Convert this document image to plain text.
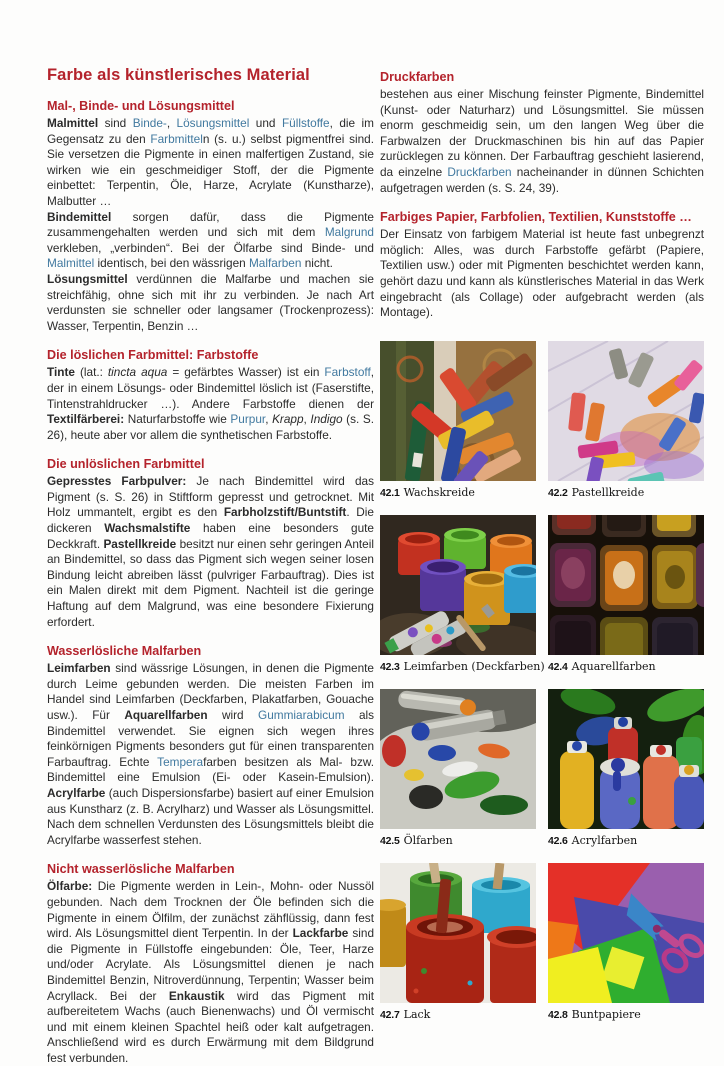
Farbe als künstlerisches Material
Mal-, Binde- und Lösungsmittel

Malmittel sind Binde-, Lösungsmittel und Füllstoffe, die im Gegensatz zu den Farbmitteln (s. u.) selbst pigmentfrei sind. Sie versetzen die Pigmente in einen malfertigen Zustand, sie wirken wie ein geschmeidiger Stoff, der die Pigmente einbettet: Terpentin, Öle, Harze, Acrylate (Kunstharze), Malbutter …

Bindemittel sorgen dafür, dass die Pigmente zusammengehalten werden und sich mit dem Malgrund verkleben, „verbinden“. Bei der Ölfarbe sind Binde- und Malmittel identisch, bei den wässrigen Malfarben nicht.

Lösungsmittel verdünnen die Malfarbe und machen sie streichfähig, ohne sich mit ihr zu verbinden. Je nach Art verdunsten sie schneller oder langsamer (Trockenprozess): Wasser, Terpentin, Benzin …

Die löslichen Farbmittel: Farbstoffe

Tinte (lat.: tincta aqua = gefärbtes Wasser) ist ein Farbstoff, der in einem Lösungs- oder Bindemittel löslich ist (Faserstifte, Tintenstrahldrucker …). Andere Farbstoffe dienen der Textilfärberei: Naturfarbstoffe wie Purpur, Krapp, Indigo (s. S. 26), heute aber vor allem die synthetischen Farbstoffe.

Die unlöslichen Farbmittel

Gepresstes Farbpulver: Je nach Bindemittel wird das Pigment (s. S. 26) in Stiftform gepresst und getrocknet. Mit Holz ummantelt, ergibt es den Farbholzstift/Buntstift. Die dickeren Wachsmalstifte haben eine besonders gute Deckkraft. Pastellkreide besitzt nur einen sehr geringen Anteil an Bindemittel, so dass das Pigment sich wegen seiner losen Bindung leicht abreiben lässt (pulvriger Farbauftrag). Dies ist ein Malen direkt mit dem Pigment. Nachteil ist die geringe Haftung auf dem Malgrund, was eine besondere Fixierung erfordert.

Wasserlösliche Malfarben

Leimfarben sind wässrige Lösungen, in denen die Pigmente durch Leime gebunden werden. Die meisten Farben im Handel sind Leimfarben (Deckfarben, Plakatfarben, Gouache usw.). Für Aquarellfarben wird Gummiarabicum als Bindemittel verwendet. Sie eignen sich wegen ihres feinkörnigen Pigments besonders gut für einen transparenten Farbauftrag. Echte Temperafarben besitzen als Mal- bzw. Bindemittel eine Emulsion (Ei- oder Kasein-Emulsion). Acrylfarbe (auch Dispersionsfarbe) basiert auf einer Emulsion aus Kunstharz (z. B. Acrylharz) und Wasser als Lösungsmittel. Nach dem schnellen Verdunsten des Lösungsmittels bleibt die Acrylfarbe wasserfest stehen.

Nicht wasserlösliche Malfarben

Ölfarbe: Die Pigmente werden in Lein-, Mohn- oder Nussöl gebunden. Nach dem Trocknen der Öle befinden sich die Pigmente in einem Ölfilm, der zunächst zähflüssig, dann fest wird. Als Lösungsmittel dient Terpentin. In der Lackfarbe sind die Pigmente in Füllstoffe eingebunden: Öle, Teer, Harze und/oder Acrylate. Als Lösungsmittel dienen je nach Bindemittel Benzin, Nitroverdünnung, Terpentin; Wasser beim Acryllack. Bei der Enkaustik wird das Pigment mit aufbereitetem Wachs (auch Bienenwachs) und Öl vermischt und mit einem kleinen Spachtel heiß oder kalt aufgetragen. Anschließend wird es durch Erwärmung mit dem Bildgrund fest verbunden.

Druckfarben

bestehen aus einer Mischung feinster Pigmente, Bindemittel (Kunst- oder Naturharz) und Lösungsmittel. Sie müssen enorm geschmeidig sein, um den langen Weg über die Farbwalzen der Druckmaschinen bis hin auf das Papier zurücklegen zu können. Der Farbauftrag geschieht lasierend, da einzelne Druckfarben nacheinander in dünnen Schichten aufgetragen werden (s. S. 24, 39).

Farbiges Papier, Farbfolien, Textilien, Kunststoffe …

Der Einsatz von farbigem Material ist heute fast unbegrenzt möglich: Alles, was durch Farbstoffe gefärbt (Papiere, Textilien usw.) oder mit Pigmenten beschichtet werden kann, gehört dazu und kann als künstlerisches Material in das Werk eingebracht (als Collage) oder aufgebracht werden (als Montage).

42.1 Wachskreide	42.2 Pastellkreide
42.3 Leimfarben (Deckfarben) 42.4 Aquarellfarben
42.5 Ölfarben	42.6 Acrylfarben
42.7 Lack	42.8 Buntpapiere
